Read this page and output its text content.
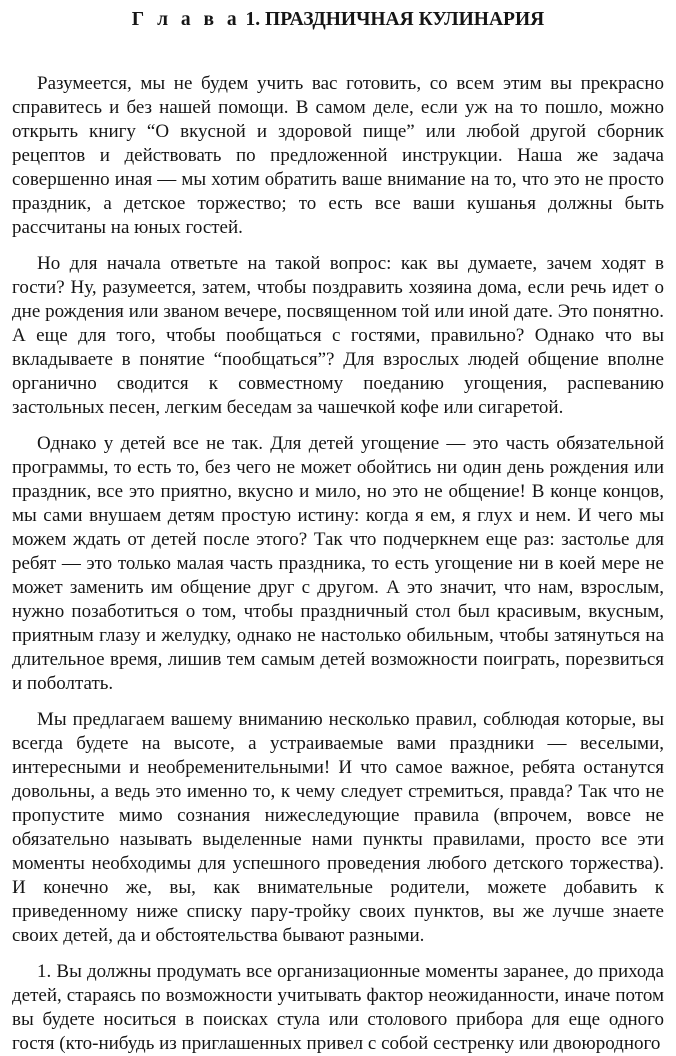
Г л а в а 1. ПРАЗДНИЧНАЯ КУЛИНАРИЯ

Разумеется, мы не будем учить вас готовить, со всем этим вы прекрасно справитесь и без нашей помощи. В самом деле, если уж на то пошло, можно открыть книгу “О вкусной и здоровой пище” или любой другой сборник рецептов и действовать по предложенной инструкции. Наша же задача совершенно иная — мы хотим обратить ваше внимание на то, что это не просто праздник, а детское торжество; то есть все ваши кушанья должны быть рассчитаны на юных гостей.

Но для начала ответьте на такой вопрос: как вы думаете, зачем ходят в гости? Ну, разумеется, затем, чтобы поздравить хозяина дома, если речь идет о дне рождения или званом вечере, посвященном той или иной дате. Это понятно. А еще для того, чтобы пообщаться с гостями, правильно? Однако что вы вкладываете в понятие “пообщаться”? Для взрослых людей общение вполне органично сводится к совместному поеданию угощения, распеванию застольных песен, легким беседам за чашечкой кофе или сигаретой.

Однако у детей все не так. Для детей угощение — это часть обязательной программы, то есть то, без чего не может обойтись ни один день рождения или праздник, все это приятно, вкусно и мило, но это не общение! В конце концов, мы сами внушаем детям простую истину: когда я ем, я глух и нем. И чего мы можем ждать от детей после этого? Так что подчеркнем еще раз: застолье для ребят — это только малая часть праздника, то есть угощение ни в коей мере не может заменить им общение друг с другом. А это значит, что нам, взрослым, нужно позаботиться о том, чтобы праздничный стол был красивым, вкусным, приятным глазу и желудку, однако не настолько обильным, чтобы затянуться на длительное время, лишив тем самым детей возможности поиграть, порезвиться и поболтать.

Мы предлагаем вашему вниманию несколько правил, соблюдая которые, вы всегда будете на высоте, а устраиваемые вами праздники — веселыми, интересными и необременительными! И что самое важное, ребята останутся довольны, а ведь это именно то, к чему следует стремиться, правда? Так что не пропустите мимо сознания нижеследующие правила (впрочем, вовсе не обязательно называть выделенные нами пункты правилами, просто все эти моменты необходимы для успешного проведения любого детского торжества). И конечно же, вы, как внимательные родители, можете добавить к приведенному ниже списку пару-тройку своих пунктов, вы же лучше знаете своих детей, да и обстоятельства бывают разными.

1. Вы должны продумать все организационные моменты заранее, до прихода детей, стараясь по возможности учитывать фактор неожиданности, иначе потом вы будете носиться в поисках стула или столового прибора для еще одного гостя (кто-нибудь из приглашенных привел с собой сестренку или двоюродного
